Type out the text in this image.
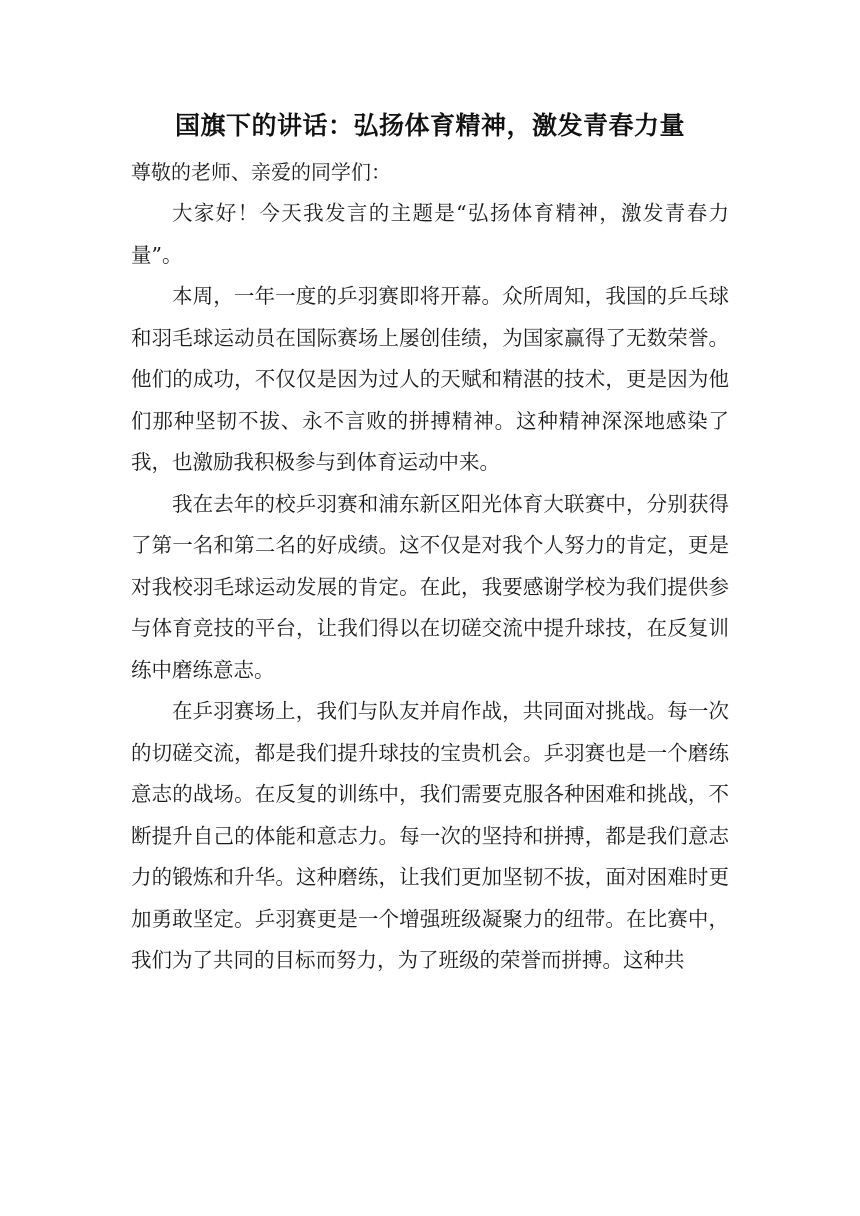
国旗下的讲话：弘扬体育精神，激发青春力量

尊敬的老师、亲爱的同学们：

大家好！今天我发言的主题是“弘扬体育精神，激发青春力量”。

本周，一年一度的乒羽赛即将开幕。众所周知，我国的乒乓球和羽毛球运动员在国际赛场上屡创佳绩，为国家赢得了无数荣誉。他们的成功，不仅仅是因为过人的天赋和精湛的技术，更是因为他们那种坚韧不拔、永不言败的拼搏精神。这种精神深深地感染了我，也激励我积极参与到体育运动中来。

我在去年的校乒羽赛和浦东新区阳光体育大联赛中，分别获得了第一名和第二名的好成绩。这不仅是对我个人努力的肯定，更是对我校羽毛球运动发展的肯定。在此，我要感谢学校为我们提供参与体育竞技的平台，让我们得以在切磋交流中提升球技，在反复训练中磨练意志。

在乒羽赛场上，我们与队友并肩作战，共同面对挑战。每一次的切磋交流，都是我们提升球技的宝贵机会。乒羽赛也是一个磨练意志的战场。在反复的训练中，我们需要克服各种困难和挑战，不断提升自己的体能和意志力。每一次的坚持和拼搏，都是我们意志力的锻炼和升华。这种磨练，让我们更加坚韧不拔，面对困难时更加勇敢坚定。乒羽赛更是一个增强班级凝聚力的纽带。在比赛中，我们为了共同的目标而努力，为了班级的荣誉而拼搏。这种共
